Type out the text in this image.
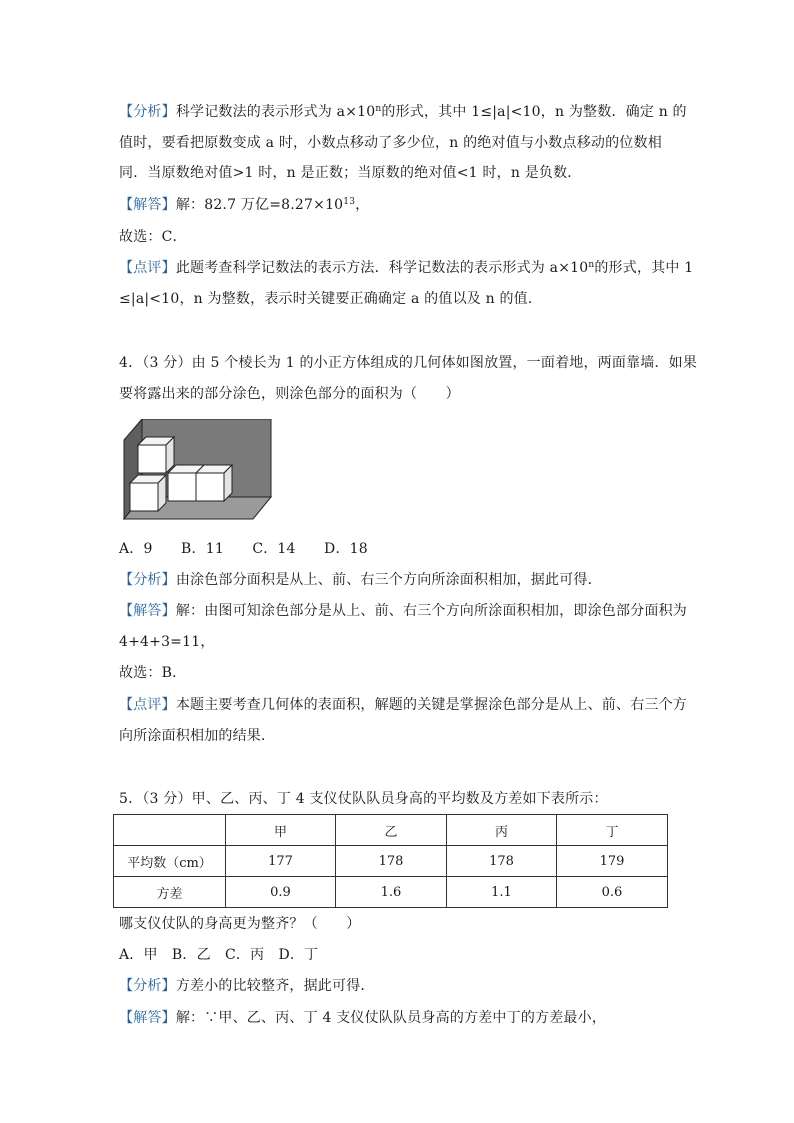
【分析】科学记数法的表示形式为 $a\times 10^n$的形式，其中 1≤|a|<10，n 为整数．确定 n 的
值时，要看把原数变成 a 时，小数点移动了多少位，n 的绝对值与小数点移动的位数相
同．当原数绝对值>1 时，n 是正数；当原数的绝对值<1 时，n 是负数．
【解答】解：82.7 万亿$=8.27\times 10^{13}$，
故选：C．
【点评】此题考查科学记数法的表示方法．科学记数法的表示形式为 $a\times 10^n$的形式，其中 1
≤|a|<10，n 为整数，表示时关键要正确确定 a 的值以及 n 的值．
4．（3 分）由 5 个棱长为 1 的小正方体组成的几何体如图放置，一面着地，两面靠墙．如果
要将露出来的部分涂色，则涂色部分的面积为（　　）
A．9　　B．11　　C．14　　D．18
【分析】由涂色部分面积是从上、前、右三个方向所涂面积相加，据此可得．
【解答】解：由图可知涂色部分是从上、前、右三个方向所涂面积相加，即涂色部分面积为
4+4+3=11，
故选：B．
【点评】本题主要考查几何体的表面积，解题的关键是掌握涂色部分是从上、前、右三个方
向所涂面积相加的结果．
5．（3 分）甲、乙、丙、丁 4 支仪仗队队员身高的平均数及方差如下表所示：
	甲	乙	丙	丁
平均数（cm）	177	178	178	179
方差	0.9	1.6	1.1	0.6
哪支仪仗队的身高更为整齐？（　　）
A．甲　B．乙　C．丙　D．丁
【分析】方差小的比较整齐，据此可得．
【解答】解：∵甲、乙、丙、丁 4 支仪仗队队员身高的方差中丁的方差最小，
